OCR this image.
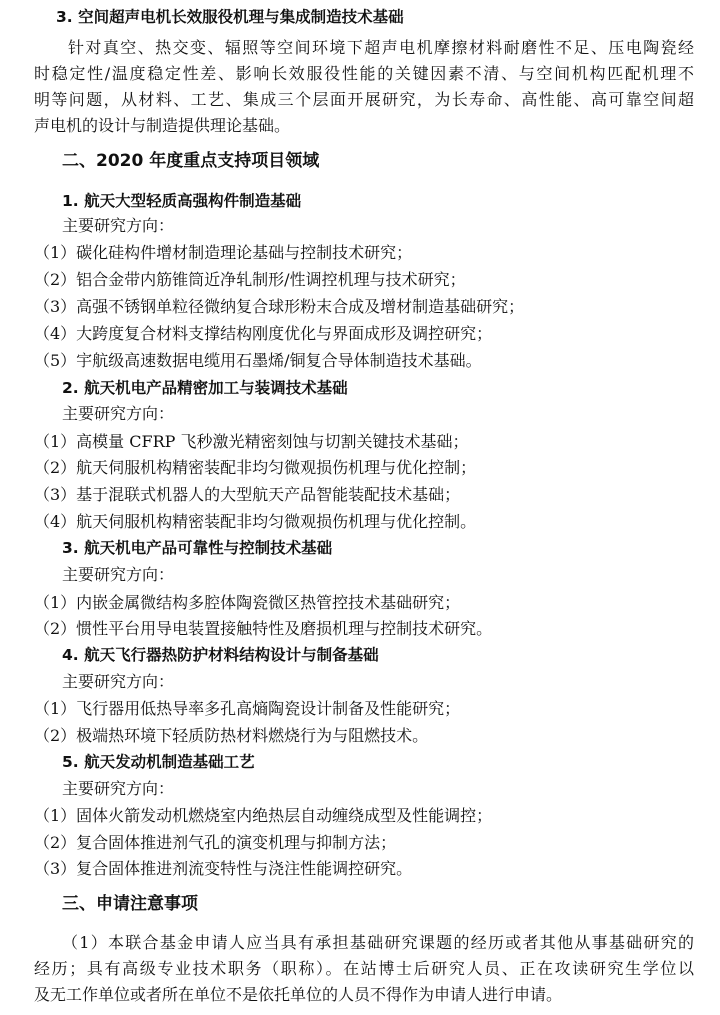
3. 空间超声电机长效服役机理与集成制造技术基础
针对真空、热交变、辐照等空间环境下超声电机摩擦材料耐磨性不足、压电陶瓷经
时稳定性/温度稳定性差、影响长效服役性能的关键因素不清、与空间机构匹配机理不
明等问题，从材料、工艺、集成三个层面开展研究，为长寿命、高性能、高可靠空间超
声电机的设计与制造提供理论基础。
二、2020 年度重点支持项目领域
1. 航天大型轻质高强构件制造基础
主要研究方向：
（1）碳化硅构件增材制造理论基础与控制技术研究；
（2）铝合金带内筋锥筒近净轧制形/性调控机理与技术研究；
（3）高强不锈钢单粒径微纳复合球形粉末合成及增材制造基础研究；
（4）大跨度复合材料支撑结构刚度优化与界面成形及调控研究；
（5）宇航级高速数据电缆用石墨烯/铜复合导体制造技术基础。
2. 航天机电产品精密加工与装调技术基础
主要研究方向：
（1）高模量 CFRP 飞秒激光精密刻蚀与切割关键技术基础；
（2）航天伺服机构精密装配非均匀微观损伤机理与优化控制；
（3）基于混联式机器人的大型航天产品智能装配技术基础；
（4）航天伺服机构精密装配非均匀微观损伤机理与优化控制。
3. 航天机电产品可靠性与控制技术基础
主要研究方向：
（1）内嵌金属微结构多腔体陶瓷微区热管控技术基础研究；
（2）惯性平台用导电装置接触特性及磨损机理与控制技术研究。
4. 航天飞行器热防护材料结构设计与制备基础
主要研究方向：
（1）飞行器用低热导率多孔高熵陶瓷设计制备及性能研究；
（2）极端热环境下轻质防热材料燃烧行为与阻燃技术。
5. 航天发动机制造基础工艺
主要研究方向：
（1）固体火箭发动机燃烧室内绝热层自动缠绕成型及性能调控；
（2）复合固体推进剂气孔的演变机理与抑制方法；
（3）复合固体推进剂流变特性与浇注性能调控研究。
三、申请注意事项
（1）本联合基金申请人应当具有承担基础研究课题的经历或者其他从事基础研究的
经历；具有高级专业技术职务（职称）。在站博士后研究人员、正在攻读研究生学位以
及无工作单位或者所在单位不是依托单位的人员不得作为申请人进行申请。
